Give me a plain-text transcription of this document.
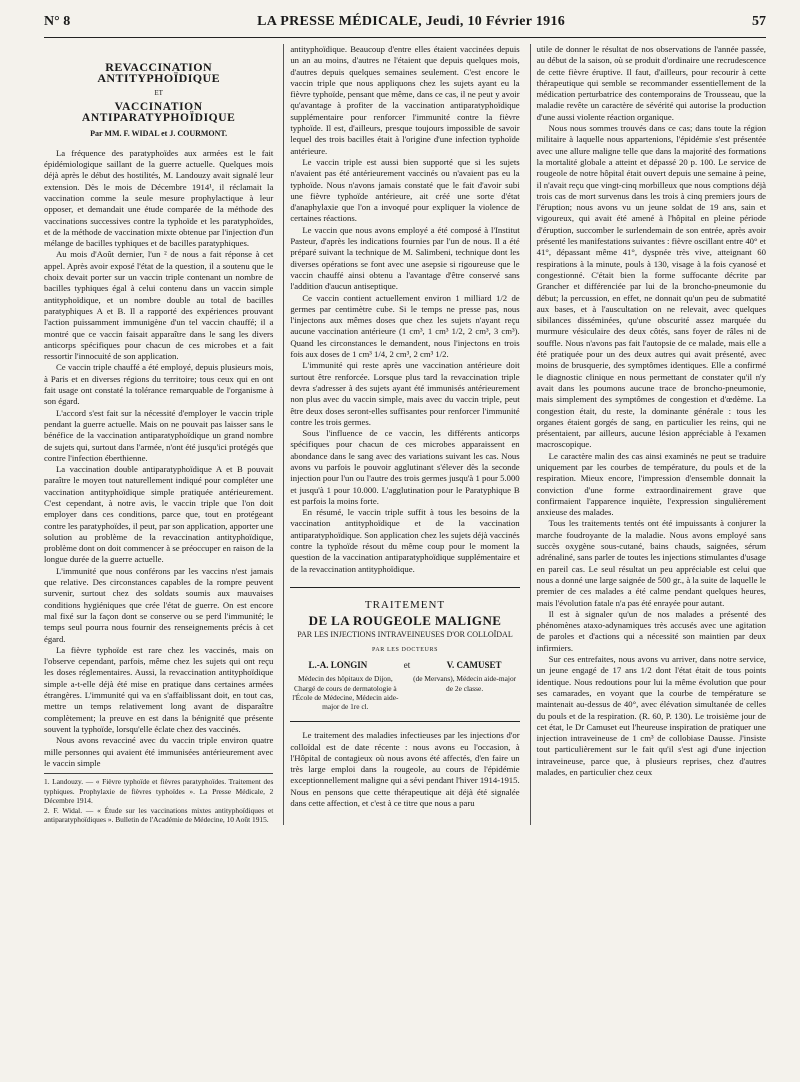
N° 8	LA PRESSE MÉDICALE, Jeudi, 10 Février 1916	57
REVACCINATION ANTITYPHOÏDIQUE
ET
VACCINATION ANTIPARATYPHOÏDIQUE
Par MM. F. WIDAL et J. COURMONT.

La fréquence des paratyphoïdes aux armées est le fait épidémiologique saillant de la guerre actuelle. Quelques mois déjà après le début des hostilités, M. Landouzy avait signalé leur extension. Dès le mois de Décembre 1914¹, il réclamait la vaccination comme la seule mesure prophylactique à leur opposer, et demandait une étude comparée de la méthode des vaccinations successives contre la typhoïde et les paratyphoïdes, et de la méthode de vaccination mixte obtenue par l'injection d'un mélange de bacilles typhiques et de bacilles paratyphiques.

Au mois d'Août dernier, l'un ² de nous a fait réponse à cet appel. Après avoir exposé l'état de la question, il a soutenu que le choix devait porter sur un vaccin triple contenant un nombre de bacilles typhiques égal à celui contenu dans un vaccin simple antityphoïdique, et un nombre double au total de bacilles paratyphiques A et B. Il a rapporté des expériences prouvant l'action puissamment immunigène d'un tel vaccin chauffé; il a montré que ce vaccin faisait apparaître dans le sang les divers anticorps spécifiques pour chacun de ces microbes et a fait ressortir l'innocuité de son application.

Ce vaccin triple chauffé a été employé, depuis plusieurs mois, à Paris et en diverses régions du territoire; tous ceux qui en ont fait usage ont constaté la tolérance remarquable de l'organisme à son égard.

L'accord s'est fait sur la nécessité d'employer le vaccin triple pendant la guerre actuelle. Mais on ne pouvait pas laisser sans le bénéfice de la vaccination antiparatyphoïdique un grand nombre de sujets qui, surtout dans l'armée, n'ont été jusqu'ici protégés que contre l'infection éberthienne.

La vaccination double antiparatyphoïdique A et B pouvait paraître le moyen tout naturellement indiqué pour compléter une vaccination antityphoïdique simple pratiquée antérieurement. C'est cependant, à notre avis, le vaccin triple que l'on doit employer dans ces conditions, parce que, tout en protégeant contre les paratyphoïdes, il peut, par son application, apporter une solution au problème de la revaccination antityphoïdique, problème dont on doit commencer à se préoccuper en raison de la longue durée de la guerre actuelle.

L'immunité que nous conférons par les vaccins n'est jamais que relative. Des circonstances capables de la rompre peuvent survenir, surtout chez des soldats soumis aux mauvaises conditions hygiéniques que crée l'état de guerre. On est encore mal fixé sur la façon dont se conserve ou se perd l'immunité; le temps seul pourra nous fournir des renseignements précis à cet égard.

La fièvre typhoïde est rare chez les vaccinés, mais on l'observe cependant, parfois, même chez les sujets qui ont reçu les doses réglementaires. Aussi, la revaccination antityphoïdique simple a-t-elle déjà été mise en pratique dans certaines armées étrangères. L'immunité qui va en s'affaiblissant doit, en tout cas, mettre un temps relativement long avant de disparaître complètement; la preuve en est dans la bénignité que présente souvent la typhoïde, lorsqu'elle éclate chez des vaccinés.

Nous avons revacciné avec du vaccin triple environ quatre mille personnes qui avaient été immunisées antérieurement avec le vaccin simple

1. Landouzy. — « Fièvre typhoïde et fièvres paratyphoïdes. Traitement des typhiques. Prophylaxie de fièvres typhoïdes ». La Presse Médicale, 2 Décembre 1914.
2. F. Widal. — « Étude sur les vaccinations mixtes antityphoïdiques et antiparatyphoïdiques ». Bulletin de l'Académie de Médecine, 10 Août 1915.

antityphoïdique. Beaucoup d'entre elles étaient vaccinées depuis un an au moins, d'autres ne l'étaient que depuis quelques mois, d'autres depuis quelques semaines seulement. C'est encore le vaccin triple que nous appliquons chez les sujets ayant eu la fièvre typhoïde, pensant que même, dans ce cas, il ne peut y avoir qu'avantage à profiter de la vaccination antiparatyphoïdique supplémentaire pour renforcer l'immunité contre la fièvre typhoïde. Il est, d'ailleurs, presque toujours impossible de savoir lequel des trois bacilles était à l'origine d'une infection typhoïde antérieure.

Le vaccin triple est aussi bien supporté que si les sujets n'avaient pas été antérieurement vaccinés ou n'avaient pas eu la typhoïde. Nous n'avons jamais constaté que le fait d'avoir subi une fièvre typhoïde antérieure, ait créé une sorte d'état d'anaphylaxie que l'on a invoqué pour expliquer la violence de certaines réactions.

Le vaccin que nous avons employé a été composé à l'Institut Pasteur, d'après les indications fournies par l'un de nous. Il a été préparé suivant la technique de M. Salimbeni, technique dont les diverses opérations se font avec une asepsie si rigoureuse que le vaccin chauffé ainsi obtenu a l'avantage d'être conservé sans l'addition d'aucun antiseptique.

Ce vaccin contient actuellement environ 1 milliard 1/2 de germes par centimètre cube. Si le temps ne presse pas, nous l'injectons aux mêmes doses que chez les sujets n'ayant reçu aucune vaccination antérieure (1 cm³, 1 cm³ 1/2, 2 cm³, 3 cm³). Quand les circonstances le demandent, nous l'injectons en trois fois aux doses de 1 cm³ 1/4, 2 cm³, 2 cm³ 1/2.

L'immunité qui reste après une vaccination antérieure doit surtout être renforcée. Lorsque plus tard la revaccination triple devra s'adresser à des sujets ayant été immunisés antérieurement non plus avec du vaccin simple, mais avec du vaccin triple, peut être deux doses seront-elles suffisantes pour renforcer l'immunité contre les trois germes.

Sous l'influence de ce vaccin, les différents anticorps spécifiques pour chacun de ces microbes apparaissent en abondance dans le sang avec des variations suivant les cas. Nous avons vu parfois le pouvoir agglutinant s'élever dès la seconde injection pour l'un ou l'autre des trois germes jusqu'à 1 pour 5.000 et jusqu'à 1 pour 10.000. L'agglutination pour le Paratyphique B est parfois la moins forte.

En résumé, le vaccin triple suffit à tous les besoins de la vaccination antityphoïdique et de la vaccination antiparatyphoïdique. Son application chez les sujets déjà vaccinés contre la typhoïde résout du même coup pour le moment la question de la vaccination antiparatyphoïdique supplémentaire et de la revaccination antityphoïdique.

TRAITEMENT
DE LA ROUGEOLE MALIGNE
PAR LES INJECTIONS INTRAVEINEUSES D'OR COLLOÏDAL
PAR LES DOCTEURS
L.-A. LONGIN	et	V. CAMUSET
Médecin des hôpitaux de Dijon, Chargé de cours de dermatologie à l'École de Médecine, Médecin aide-major de 1re cl.
(de Mervans), Médecin aide-major de 2e classe.

Le traitement des maladies infectieuses par les injections d'or colloïdal est de date récente : nous avons eu l'occasion, à l'Hôpital de contagieux où nous avons été affectés, d'en faire un très large emploi dans la rougeole, au cours de l'épidémie exceptionnellement maligne qui a sévi pendant l'hiver 1914-1915. Nous en pensons que cette thérapeutique ait déjà été signalée dans cette affection, et c'est à ce titre que nous a paru

utile de donner le résultat de nos observations de l'année passée, au début de la saison, où se produit d'ordinaire une recrudescence de cette fièvre éruptive. Il faut, d'ailleurs, pour recourir à cette thérapeutique qui semble se recommander essentiellement de la médication perturbatrice des contemporains de Trousseau, que la maladie revête un caractère de sévérité qui autorise la production d'une aussi violente réaction organique.

Nous nous sommes trouvés dans ce cas; dans toute la région militaire à laquelle nous appartenions, l'épidémie s'est présentée avec une allure maligne telle que dans la majorité des formations la mortalité globale a atteint et dépassé 20 p. 100. Le service de rougeole de notre hôpital était ouvert depuis une semaine à peine, il n'avait reçu que vingt-cinq morbilleux que nous comptions déjà trois cas de mort survenus dans les trois à cinq premiers jours de l'éruption; nous avons vu un jeune soldat de 19 ans, sain et vigoureux, qui avait été amené à l'hôpital en pleine période d'éruption, succomber le surlendemain de son entrée, après avoir présenté les manifestations suivantes : fièvre oscillant entre 40° et 41°, dépassant même 41°, dyspnée très vive, atteignant 60 respirations à la minute, pouls à 130, visage à la fois cyanosé et congestionné. C'était bien la forme suffocante décrite par Grancher et différenciée par lui de la broncho-pneumonie du début; la percussion, en effet, ne donnait qu'un peu de submatité aux bases, et à l'auscultation on ne relevait, avec quelques sibilances disséminées, qu'une obscurité assez marquée du murmure vésiculaire des deux côtés, sans foyer de râles ni de souffle. Nous n'avons pas fait l'autopsie de ce malade, mais elle a été pratiquée pour un des deux autres qui avait présenté, avec moins de brusquerie, des symptômes identiques. Elle a confirmé le diagnostic clinique en nous permettant de constater qu'il n'y avait dans les poumons aucune trace de broncho-pneumonie, mais simplement des symptômes de congestion et d'œdème. La congestion était, du reste, la dominante générale : tous les organes étaient gorgés de sang, en particulier les reins, qui ne présentaient, par ailleurs, aucune lésion appréciable à l'examen macroscopique.

Le caractère malin des cas ainsi examinés ne peut se traduire uniquement par les courbes de température, du pouls et de la respiration. Mieux encore, l'impression d'ensemble donnait la conviction d'une forme extraordinairement grave que confirmaient l'apparence inquiète, l'expression singulièrement anxieuse des malades.

Tous les traitements tentés ont été impuissants à conjurer la marche foudroyante de la maladie. Nous avons employé sans succès oxygène sous-cutané, bains chauds, saignées, sérum adrénaliné, sans parler de toutes les injections stimulantes d'usage en pareil cas. Le seul résultat un peu appréciable est celui que nous a donné une large saignée de 500 gr., à la suite de laquelle le premier de ces malades a été calme pendant quelques heures, mais l'évolution fatale n'a pas été enrayée pour autant.

Il est à signaler qu'un de nos malades a présenté des phénomènes ataxo-adynamiques très accusés avec une agitation de paroles et d'actions qui a nécessité son maintien par deux infirmiers.

Sur ces entrefaites, nous avons vu arriver, dans notre service, un jeune engagé de 17 ans 1/2 dont l'état était de tous points identique. Nous redoutions pour lui la même évolution que pour ses camarades, en voyant que la courbe de température se maintenait au-dessus de 40°, avec élévation simultanée de celles du pouls et de la respiration. (R. 60, P. 130). Le troisième jour de cet état, le Dr Camuset eut l'heureuse inspiration de pratiquer une injection intraveineuse de 1 cm³ de collobiase Dausse. J'insiste tout particulièrement sur le fait qu'il s'est agi d'une injection intraveineuse, parce que, à plusieurs reprises, chez d'autres malades, en particulier chez ceux
